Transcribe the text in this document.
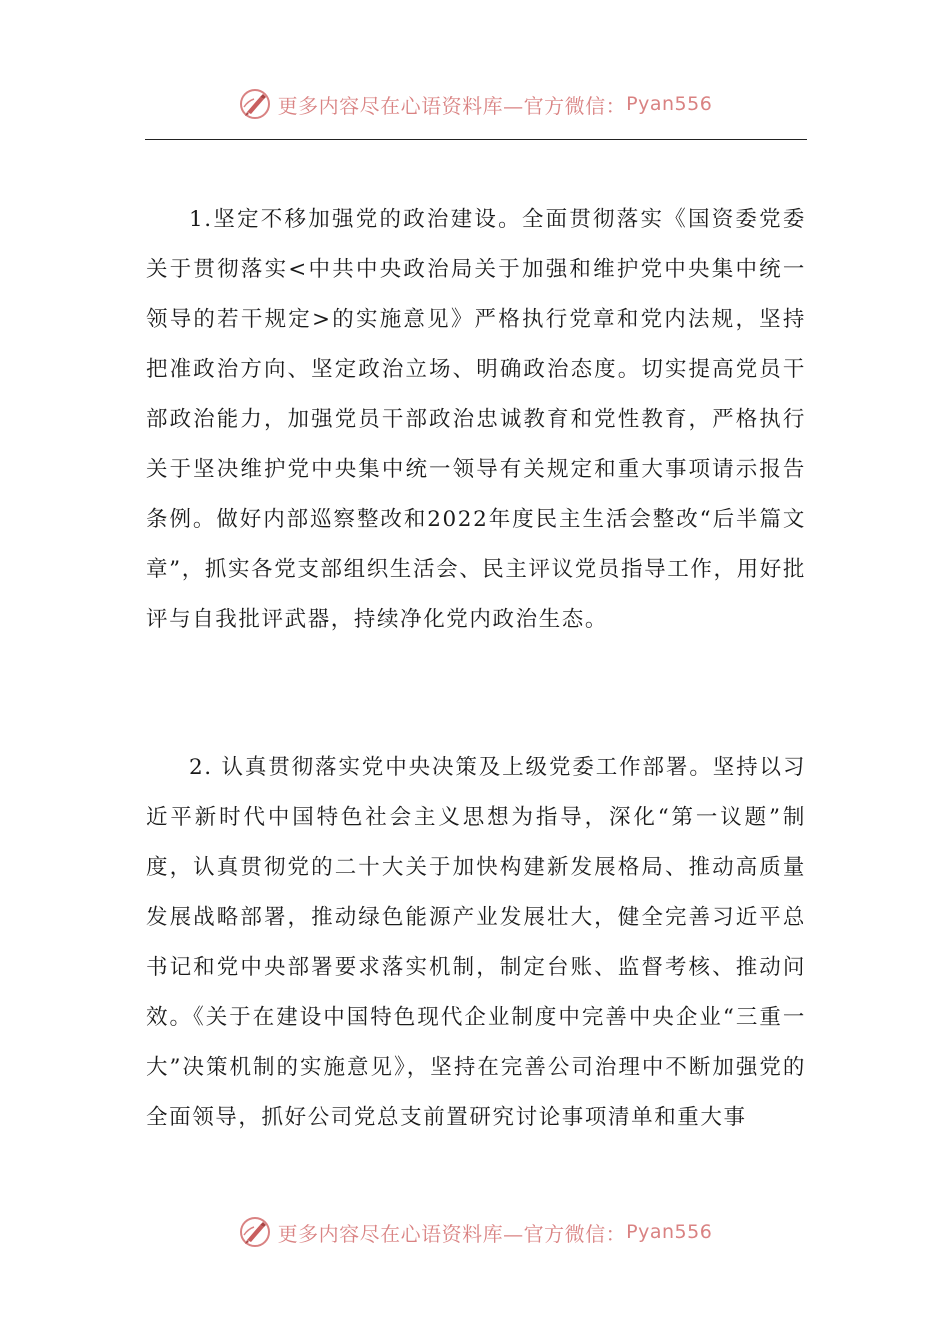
更多内容尽在心语资料库—官方微信： Pyan556

1.坚定不移加强党的政治建设。全面贯彻落实《国资委党委关于贯彻落实<中共中央政治局关于加强和维护党中央集中统一领导的若干规定>的实施意见》严格执行党章和党内法规，坚持把准政治方向、坚定政治立场、明确政治态度。切实提高党员干部政治能力，加强党员干部政治忠诚教育和党性教育，严格执行关于坚决维护党中央集中统一领导有关规定和重大事项请示报告条例。做好内部巡察整改和2022年度民主生活会整改“后半篇文章”，抓实各党支部组织生活会、民主评议党员指导工作，用好批评与自我批评武器，持续净化党内政治生态。

2. 认真贯彻落实党中央决策及上级党委工作部署。坚持以习近平新时代中国特色社会主义思想为指导，深化“第一议题”制度，认真贯彻党的二十大关于加快构建新发展格局、推动高质量发展战略部署，推动绿色能源产业发展壮大，健全完善习近平总书记和党中央部署要求落实机制，制定台账、监督考核、推动问效。《关于在建设中国特色现代企业制度中完善中央企业“三重一大”决策机制的实施意见》，坚持在完善公司治理中不断加强党的全面领导，抓好公司党总支前置研究讨论事项清单和重大事

更多内容尽在心语资料库—官方微信： Pyan556
